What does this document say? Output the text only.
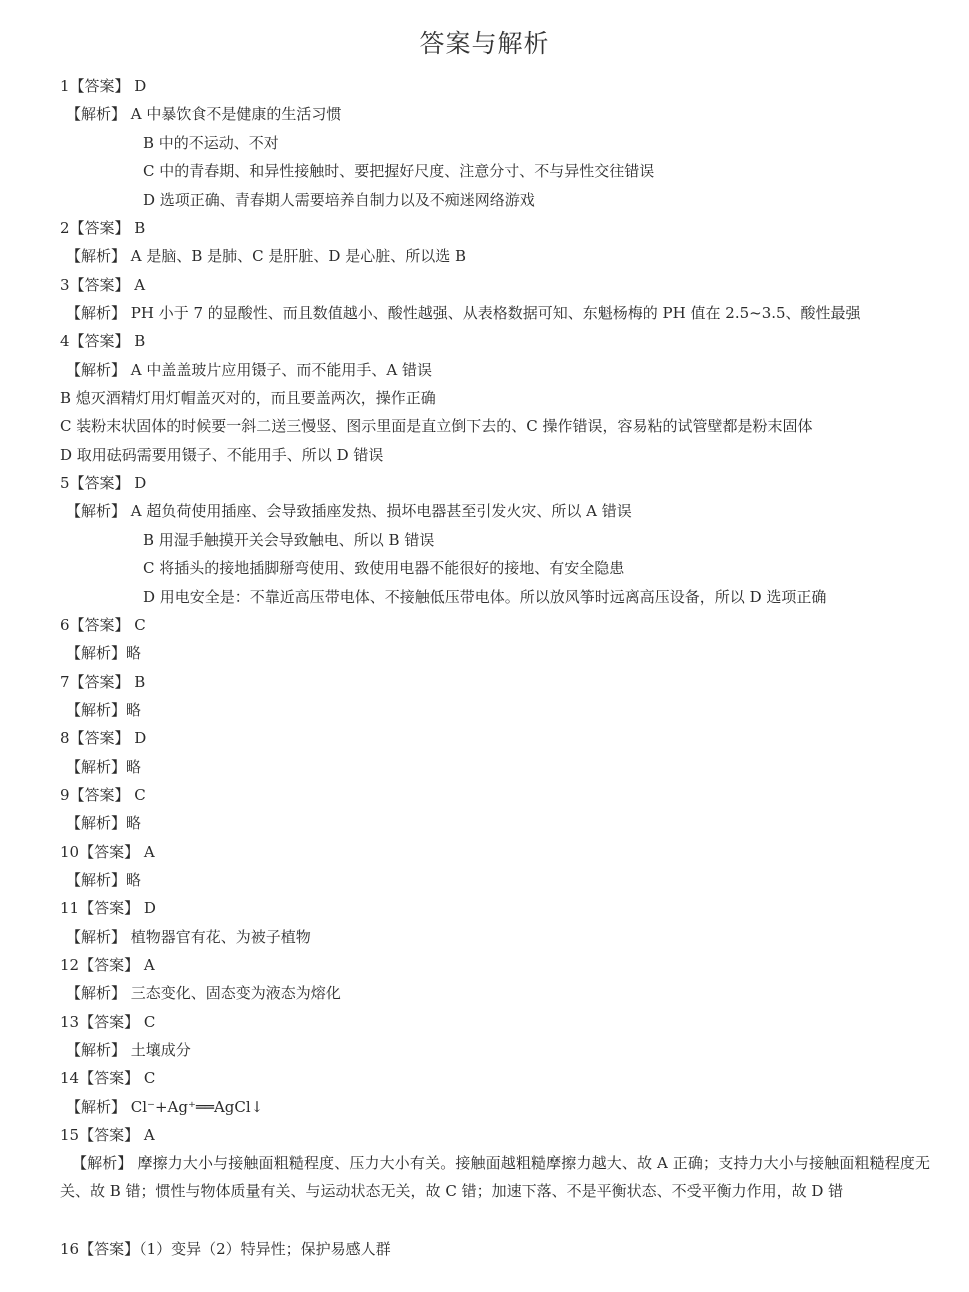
答案与解析
1【答案】 D
【解析】 A 中暴饮食不是健康的生活习惯
B 中的不运动、不对
C 中的青春期、和异性接触时、要把握好尺度、注意分寸、不与异性交往错误
D 选项正确、青春期人需要培养自制力以及不痴迷网络游戏
2【答案】 B
【解析】 A 是脑、B 是肺、C 是肝脏、D 是心脏、所以选 B
3【答案】 A
【解析】 PH 小于 7 的显酸性、而且数值越小、酸性越强、从表格数据可知、东魁杨梅的 PH 值在 2.5~3.5、酸性最强
4【答案】 B
【解析】 A 中盖盖玻片应用镊子、而不能用手、A 错误
B 熄灭酒精灯用灯帽盖灭对的，而且要盖两次，操作正确
C 装粉末状固体的时候要一斜二送三慢竖、图示里面是直立倒下去的、C 操作错误，容易粘的试管壁都是粉末固体
D 取用砝码需要用镊子、不能用手、所以 D 错误
5【答案】 D
【解析】 A 超负荷使用插座、会导致插座发热、损坏电器甚至引发火灾、所以 A 错误
B 用湿手触摸开关会导致触电、所以 B 错误
C 将插头的接地插脚掰弯使用、致使用电器不能很好的接地、有安全隐患
D 用电安全是：不靠近高压带电体、不接触低压带电体。所以放风筝时远离高压设备，所以 D 选项正确
6【答案】 C
【解析】略
7【答案】 B
【解析】略
8【答案】 D
【解析】略
9【答案】 C
【解析】略
10【答案】 A
【解析】略
11【答案】 D
【解析】 植物器官有花、为被子植物
12【答案】 A
【解析】 三态变化、固态变为液态为熔化
13【答案】 C
【解析】 土壤成分
14【答案】 C
【解析】 Cl⁻+Ag⁺══AgCl↓
15【答案】 A
【解析】 摩擦力大小与接触面粗糙程度、压力大小有关。接触面越粗糙摩擦力越大、故 A 正确；支持力大小与接触面粗糙程度无关、故 B 错；惯性与物体质量有关、与运动状态无关，故 C 错；加速下落、不是平衡状态、不受平衡力作用，故 D 错
16【答案】（1）变异（2）特异性；保护易感人群
